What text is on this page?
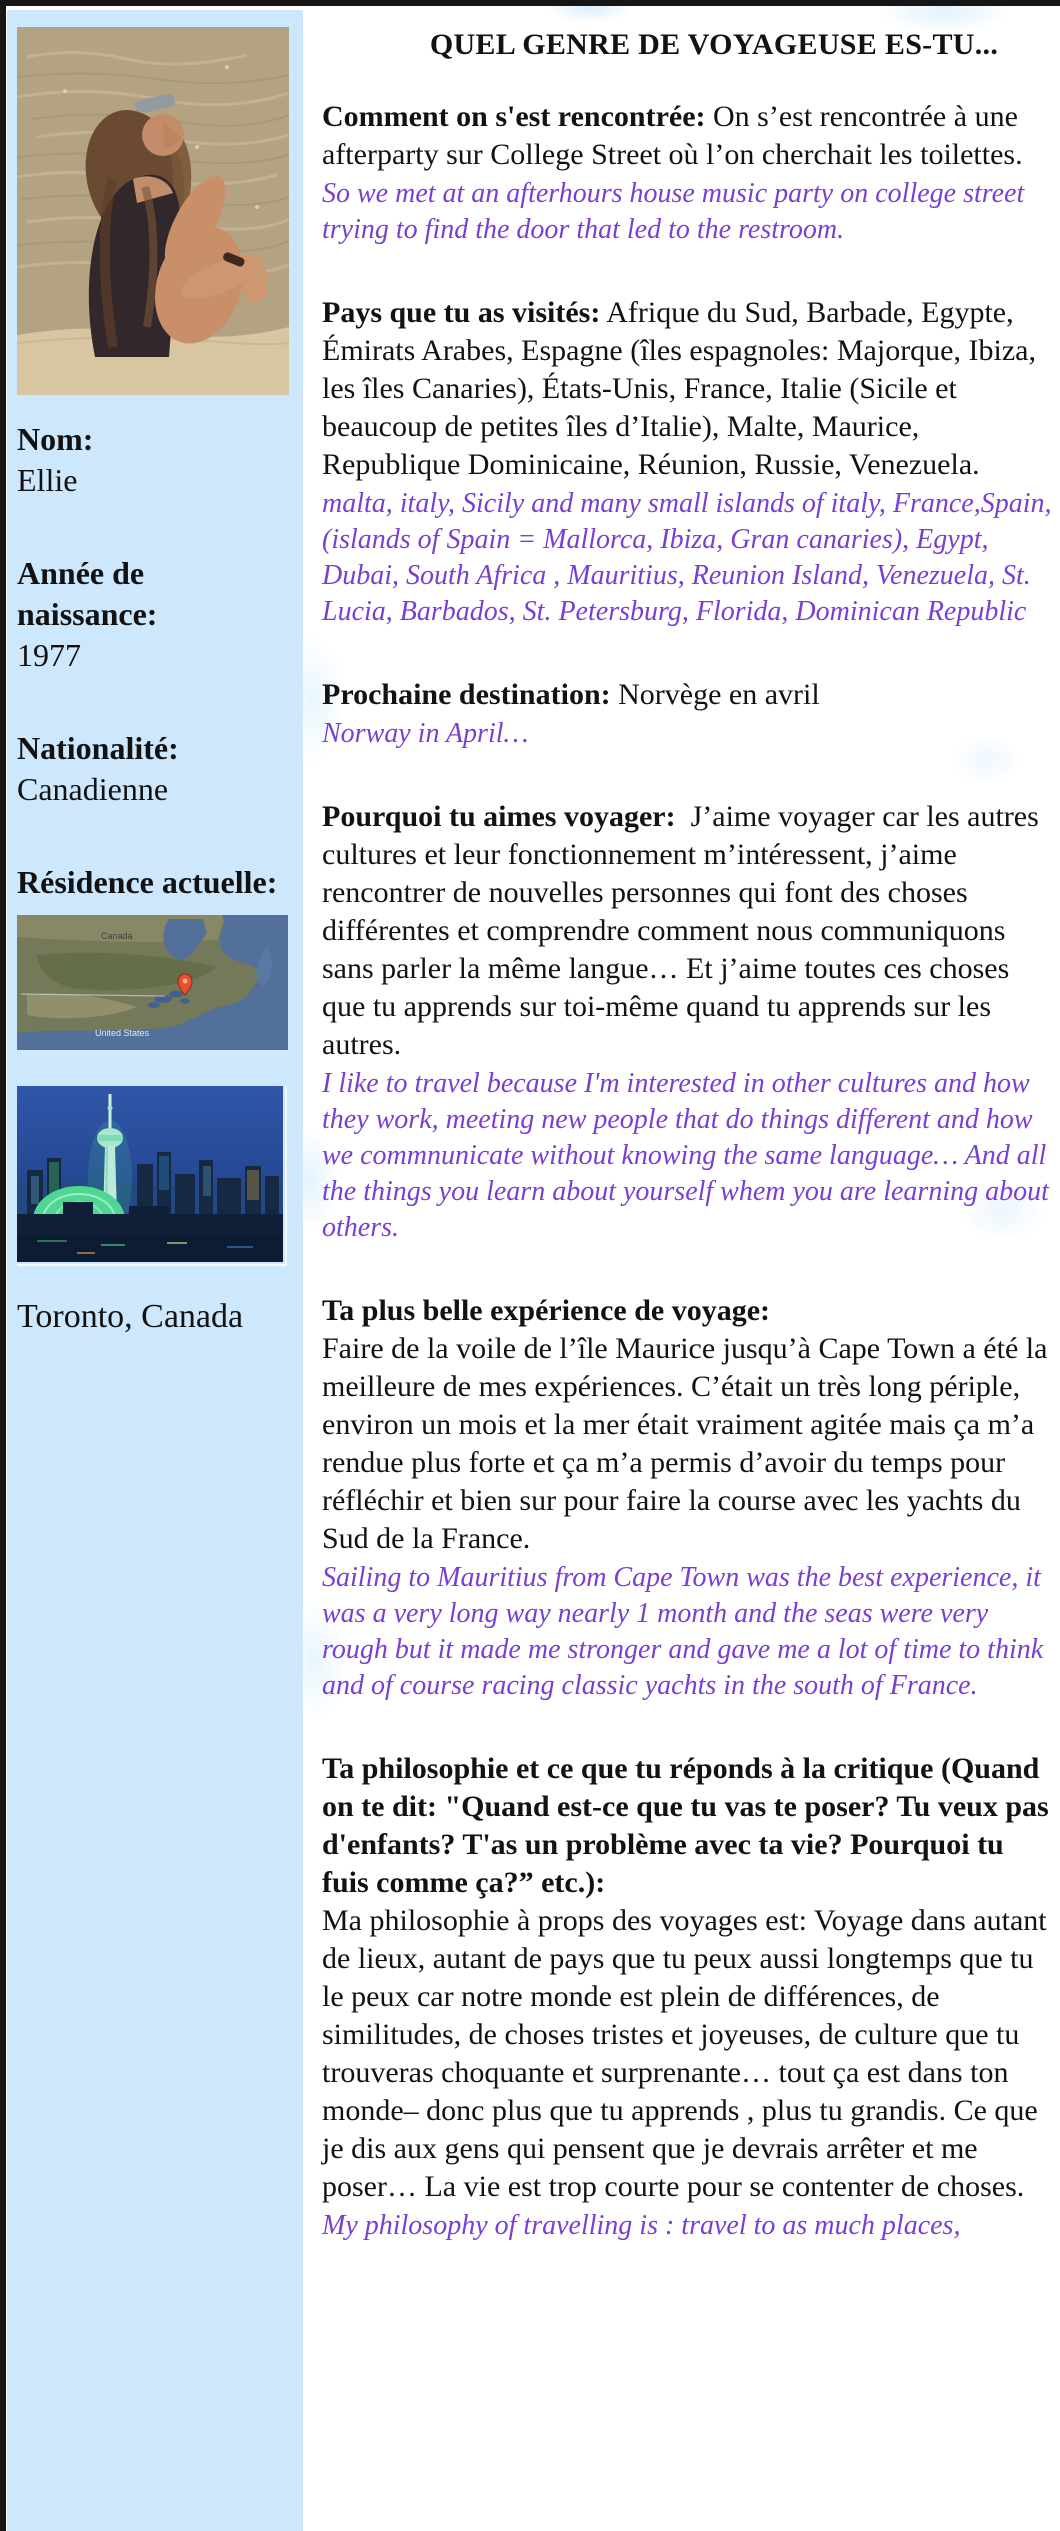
Nom:
Ellie
Année de naissance:
1977
Nationalité:
Canadienne
Résidence actuelle:
Canada
United States
Toronto, Canada
QUEL GENRE DE VOYAGEUSE ES-TU...

Comment on s'est rencontrée: On s’est rencontrée à une afterparty sur College Street où l’on cherchait les toilettes.

So we met at an afterhours house music party on college street trying to find the door that led to the restroom.

Pays que tu as visités: Afrique du Sud, Barbade, Egypte, Émirats Arabes, Espagne (îles espagnoles: Majorque, Ibiza, les îles Canaries), États-Unis, France, Italie (Sicile et beaucoup de petites îles d’Italie), Malte, Maurice, Republique Dominicaine, Réunion, Russie, Venezuela.

malta, italy, Sicily and many small islands of italy, France,Spain,(islands of Spain = Mallorca, Ibiza, Gran canaries), Egypt, Dubai, South Africa , Mauritius, Reunion Island, Venezuela, St. Lucia, Barbados, St. Petersburg, Florida, Dominican Republic

Prochaine destination: Norvège en avril

Norway in April…

Pourquoi tu aimes voyager: J’aime voyager car les autres cultures et leur fonctionnement m’intéressent, j’aime rencontrer de nouvelles personnes qui font des choses différentes et comprendre comment nous communiquons sans parler la même langue… Et j’aime toutes ces choses que tu apprends sur toi-même quand tu apprends sur les autres.

I like to travel because I'm interested in other cultures and how they work, meeting new people that do things different and how we commnunicate without knowing the same language… And all the things you learn about yourself whem you are learning about others.

Ta plus belle expérience de voyage:
Faire de la voile de l’île Maurice jusqu’à Cape Town a été la meilleure de mes expériences. C’était un très long périple, environ un mois et la mer était vraiment agitée mais ça m’a rendue plus forte et ça m’a permis d’avoir du temps pour réfléchir et bien sur pour faire la course avec les yachts du Sud de la France.

Sailing to Mauritius from Cape Town was the best experience, it was a very long way nearly 1 month and the seas were very rough but it made me stronger and gave me a lot of time to think and of course racing classic yachts in the south of France.

Ta philosophie et ce que tu réponds à la critique (Quand on te dit: "Quand est-ce que tu vas te poser? Tu veux pas d'enfants? T'as un problème avec ta vie? Pourquoi tu fuis comme ça?” etc.):
Ma philosophie à props des voyages est: Voyage dans autant de lieux, autant de pays que tu peux aussi longtemps que tu le peux car notre monde est plein de différences, de similitudes, de choses tristes et joyeuses, de culture que tu trouveras choquante et surprenante… tout ça est dans ton monde– donc plus que tu apprends , plus tu grandis. Ce que je dis aux gens qui pensent que je devrais arrêter et me poser… La vie est trop courte pour se contenter de choses.

My philosophy of travelling is : travel to as much places,
